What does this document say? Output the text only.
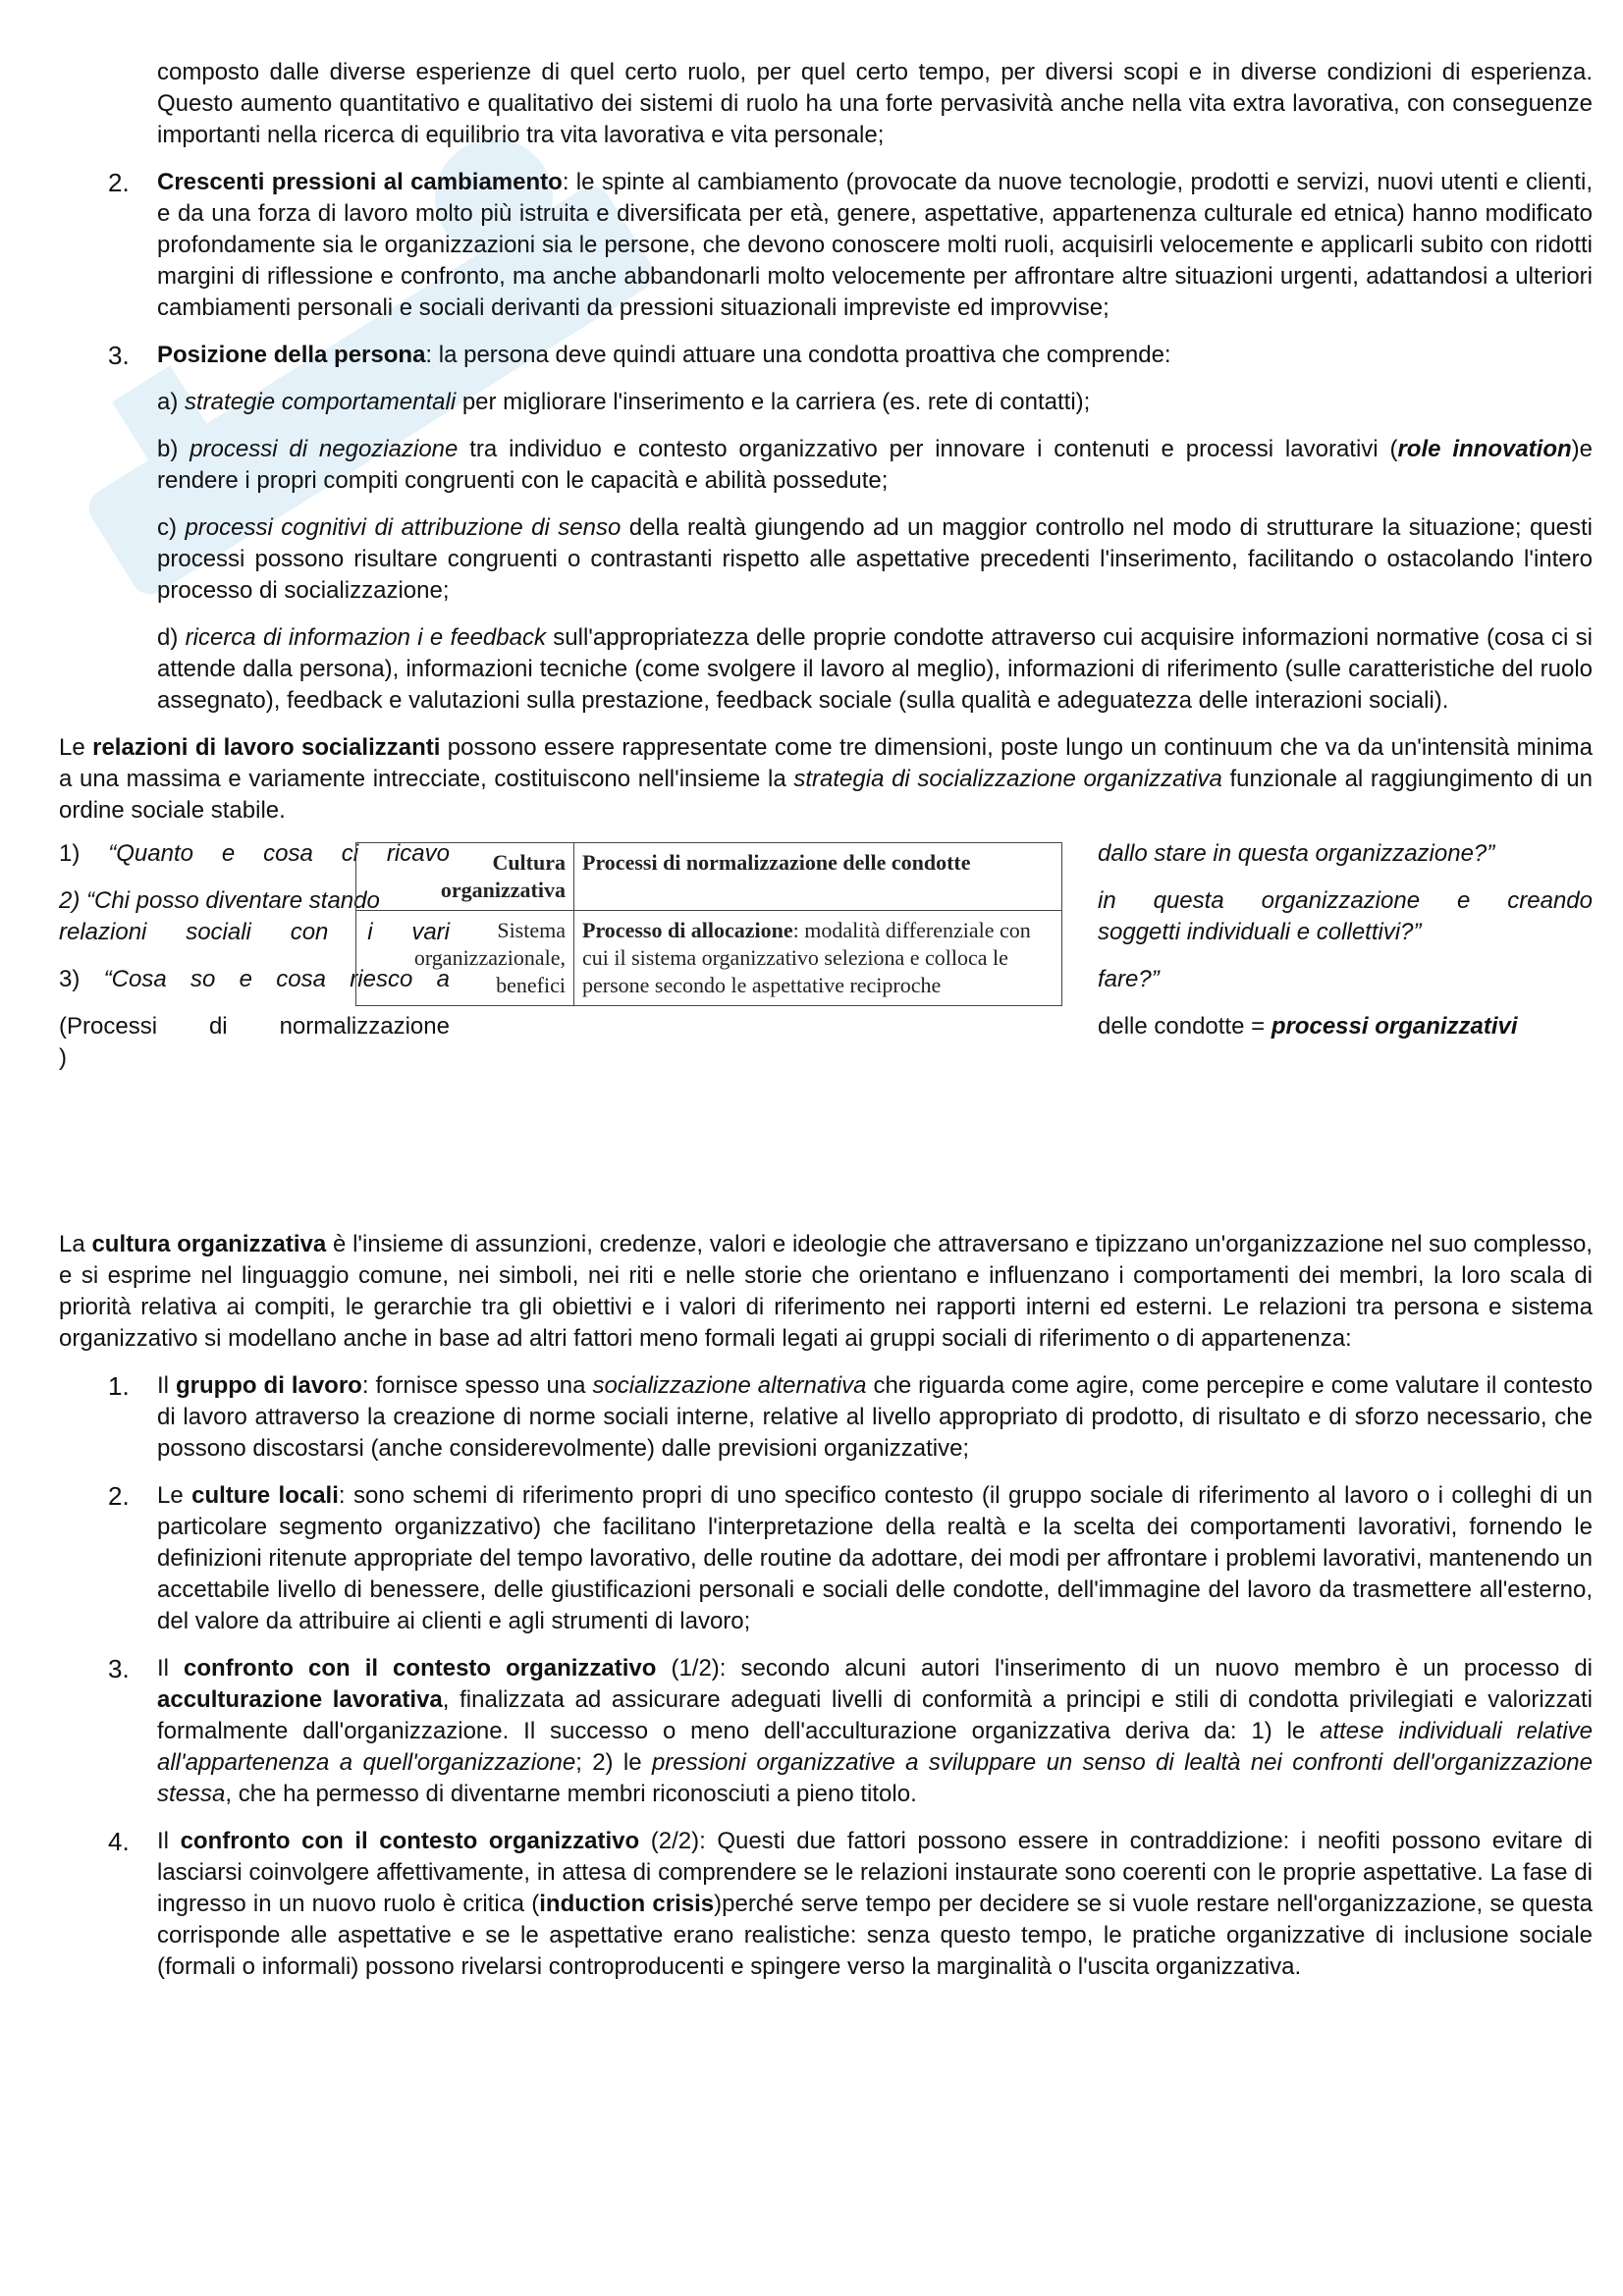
composto dalle diverse esperienze di quel certo ruolo, per quel certo tempo, per diversi scopi e in diverse condizioni di esperienza. Questo aumento quantitativo e qualitativo dei sistemi di ruolo ha una forte pervasività anche nella vita extra lavorativa, con conseguenze importanti nella ricerca di equilibrio tra vita lavorativa e vita personale;

2. Crescenti pressioni al cambiamento: le spinte al cambiamento (provocate da nuove tecnologie, prodotti e servizi, nuovi utenti e clienti, e da una forza di lavoro molto più istruita e diversificata per età, genere, aspettative, appartenenza culturale ed etnica) hanno modificato profondamente sia le organizzazioni sia le persone, che devono conoscere molti ruoli, acquisirli velocemente e applicarli subito con ridotti margini di riflessione e confronto, ma anche abbandonarli molto velocemente per affrontare altre situazioni urgenti, adattandosi a ulteriori cambiamenti personali e sociali derivanti da pressioni situazionali impreviste ed improvvise;

3. Posizione della persona: la persona deve quindi attuare una condotta proattiva che comprende:

a) strategie comportamentali per migliorare l'inserimento e la carriera (es. rete di contatti);

b) processi di negoziazione tra individuo e contesto organizzativo per innovare i contenuti e processi lavorativi (role innovation)e rendere i propri compiti congruenti con le capacità e abilità possedute;

c) processi cognitivi di attribuzione di senso della realtà giungendo ad un maggior controllo nel modo di strutturare la situazione; questi processi possono risultare congruenti o contrastanti rispetto alle aspettative precedenti l'inserimento, facilitando o ostacolando l'intero processo di socializzazione;

d) ricerca di informazion i e feedback sull'appropriatezza delle proprie condotte attraverso cui acquisire informazioni normative (cosa ci si attende dalla persona), informazioni tecniche (come svolgere il lavoro al meglio), informazioni di riferimento (sulle caratteristiche del ruolo assegnato), feedback e valutazioni sulla prestazione, feedback sociale (sulla qualità e adeguatezza delle interazioni sociali).

Le relazioni di lavoro socializzanti possono essere rappresentate come tre dimensioni, poste lungo un continuum che va da un'intensità minima a una massima e variamente intrecciate, costituiscono nell'insieme la strategia di socializzazione organizzativa funzionale al raggiungimento di un ordine sociale stabile.

1) “Quanto e cosa ci ricavo

2) “Chi posso diventare stando

relazioni sociali con i vari

3) “Cosa so e cosa riesco a

(Processi di normalizzazione
)

Cultura organizzativa	Processi di normalizzazione delle condotte
Sistema organizzazionale, benefici	Processo di allocazione: modalità differenziale con cui il sistema organizzativo seleziona e colloca le persone secondo le aspettative reciproche

dallo stare in questa organizzazione?”

in questa organizzazione e creando
soggetti individuali e collettivi?”

fare?”

delle condotte = processi organizzativi

La cultura organizzativa è l'insieme di assunzioni, credenze, valori e ideologie che attraversano e tipizzano un'organizzazione nel suo complesso, e si esprime nel linguaggio comune, nei simboli, nei riti e nelle storie che orientano e influenzano i comportamenti dei membri, la loro scala di priorità relativa ai compiti, le gerarchie tra gli obiettivi e i valori di riferimento nei rapporti interni ed esterni. Le relazioni tra persona e sistema organizzativo si modellano anche in base ad altri fattori meno formali legati ai gruppi sociali di riferimento o di appartenenza:

1. Il gruppo di lavoro: fornisce spesso una socializzazione alternativa che riguarda come agire, come percepire e come valutare il contesto di lavoro attraverso la creazione di norme sociali interne, relative al livello appropriato di prodotto, di risultato e di sforzo necessario, che possono discostarsi (anche considerevolmente) dalle previsioni organizzative;

2. Le culture locali: sono schemi di riferimento propri di uno specifico contesto (il gruppo sociale di riferimento al lavoro o i colleghi di un particolare segmento organizzativo) che facilitano l'interpretazione della realtà e la scelta dei comportamenti lavorativi, fornendo le definizioni ritenute appropriate del tempo lavorativo, delle routine da adottare, dei modi per affrontare i problemi lavorativi, mantenendo un accettabile livello di benessere, delle giustificazioni personali e sociali delle condotte, dell'immagine del lavoro da trasmettere all'esterno, del valore da attribuire ai clienti e agli strumenti di lavoro;

3. Il confronto con il contesto organizzativo (1/2): secondo alcuni autori l'inserimento di un nuovo membro è un processo di acculturazione lavorativa, finalizzata ad assicurare adeguati livelli di conformità a principi e stili di condotta privilegiati e valorizzati formalmente dall'organizzazione. Il successo o meno dell'acculturazione organizzativa deriva da: 1) le attese individuali relative all'appartenenza a quell'organizzazione; 2) le pressioni organizzative a sviluppare un senso di lealtà nei confronti dell'organizzazione stessa, che ha permesso di diventarne membri riconosciuti a pieno titolo.

4. Il confronto con il contesto organizzativo (2/2): Questi due fattori possono essere in contraddizione: i neofiti possono evitare di lasciarsi coinvolgere affettivamente, in attesa di comprendere se le relazioni instaurate sono coerenti con le proprie aspettative. La fase di ingresso in un nuovo ruolo è critica (induction crisis)perché serve tempo per decidere se si vuole restare nell'organizzazione, se questa corrisponde alle aspettative e se le aspettative erano realistiche: senza questo tempo, le pratiche organizzative di inclusione sociale (formali o informali) possono rivelarsi controproducenti e spingere verso la marginalità o l'uscita organizzativa.
